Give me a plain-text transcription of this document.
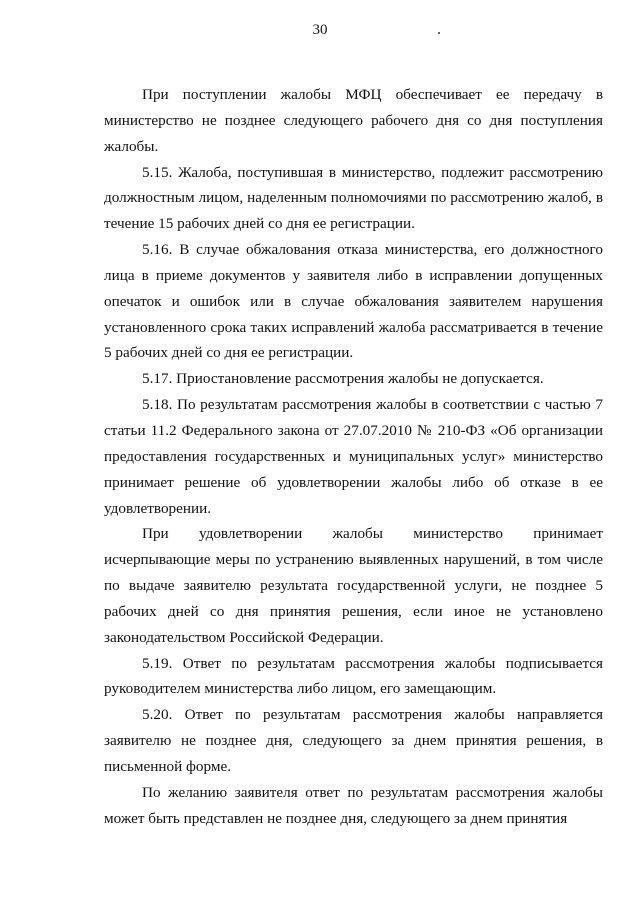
30

При поступлении жалобы МФЦ обеспечивает ее передачу в министерство не позднее следующего рабочего дня со дня поступления жалобы.

5.15. Жалоба, поступившая в министерство, подлежит рассмотрению должностным лицом, наделенным полномочиями по рассмотрению жалоб, в течение 15 рабочих дней со дня ее регистрации.

5.16. В случае обжалования отказа министерства, его должностного лица в приеме документов у заявителя либо в исправлении допущенных опечаток и ошибок или в случае обжалования заявителем нарушения установленного срока таких исправлений жалоба рассматривается в течение 5 рабочих дней со дня ее регистрации.

5.17. Приостановление рассмотрения жалобы не допускается.

5.18. По результатам рассмотрения жалобы в соответствии с частью 7 статьи 11.2 Федерального закона от 27.07.2010 № 210-ФЗ «Об организации предоставления государственных и муниципальных услуг» министерство принимает решение об удовлетворении жалобы либо об отказе в ее удовлетворении.

При удовлетворении жалобы министерство принимает исчерпывающие меры по устранению выявленных нарушений, в том числе по выдаче заявителю результата государственной услуги, не позднее 5 рабочих дней со дня принятия решения, если иное не установлено законодательством Российской Федерации.

5.19. Ответ по результатам рассмотрения жалобы подписывается руководителем министерства либо лицом, его замещающим.

5.20. Ответ по результатам рассмотрения жалобы направляется заявителю не позднее дня, следующего за днем принятия решения, в письменной форме.

По желанию заявителя ответ по результатам рассмотрения жалобы может быть представлен не позднее дня, следующего за днем принятия
